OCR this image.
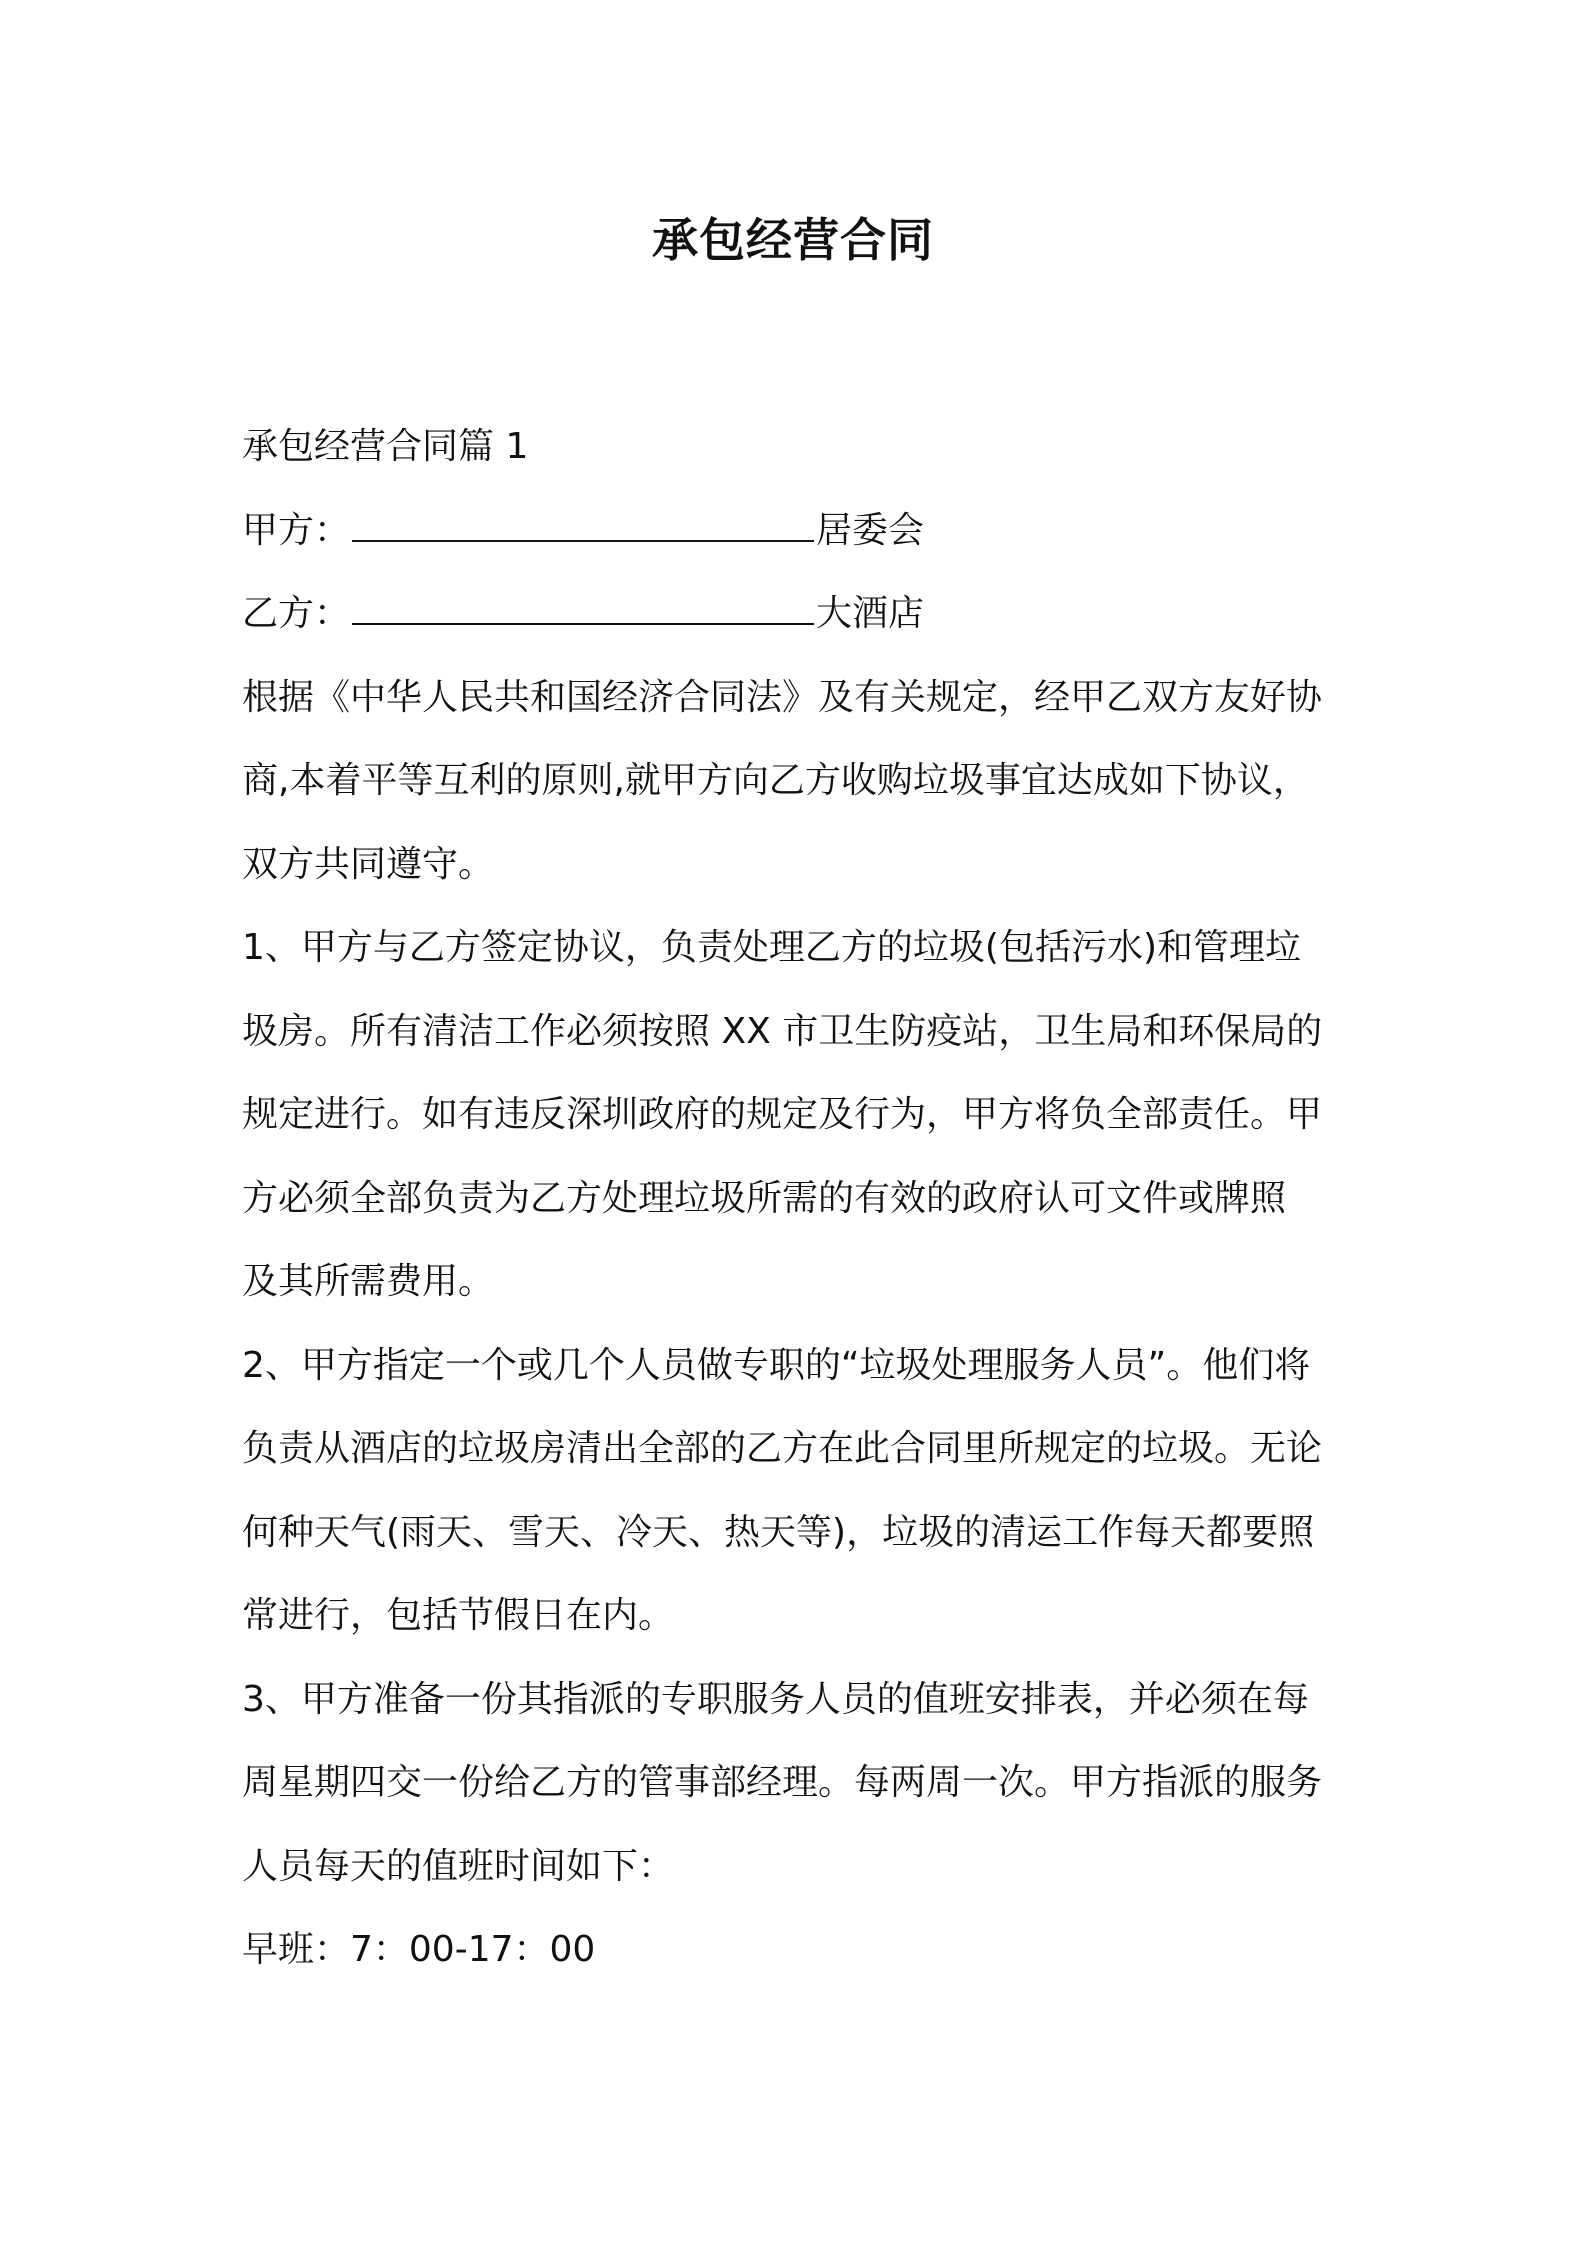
承包经营合同
承包经营合同篇 1
甲方：	居委会
乙方：	大酒店
根据《中华人民共和国经济合同法》及有关规定，经甲乙双方友好协
商,本着平等互利的原则,就甲方向乙方收购垃圾事宜达成如下协议，
双方共同遵守。
1、甲方与乙方签定协议，负责处理乙方的垃圾(包括污水)和管理垃
圾房。所有清洁工作必须按照 XX 市卫生防疫站，卫生局和环保局的
规定进行。如有违反深圳政府的规定及行为，甲方将负全部责任。甲
方必须全部负责为乙方处理垃圾所需的有效的政府认可文件或牌照
及其所需费用。
2、甲方指定一个或几个人员做专职的“垃圾处理服务人员”。他们将
负责从酒店的垃圾房清出全部的乙方在此合同里所规定的垃圾。无论
何种天气(雨天、雪天、冷天、热天等)，垃圾的清运工作每天都要照
常进行，包括节假日在内。
3、甲方准备一份其指派的专职服务人员的值班安排表，并必须在每
周星期四交一份给乙方的管事部经理。每两周一次。甲方指派的服务
人员每天的值班时间如下：
早班：7：00-17：00
